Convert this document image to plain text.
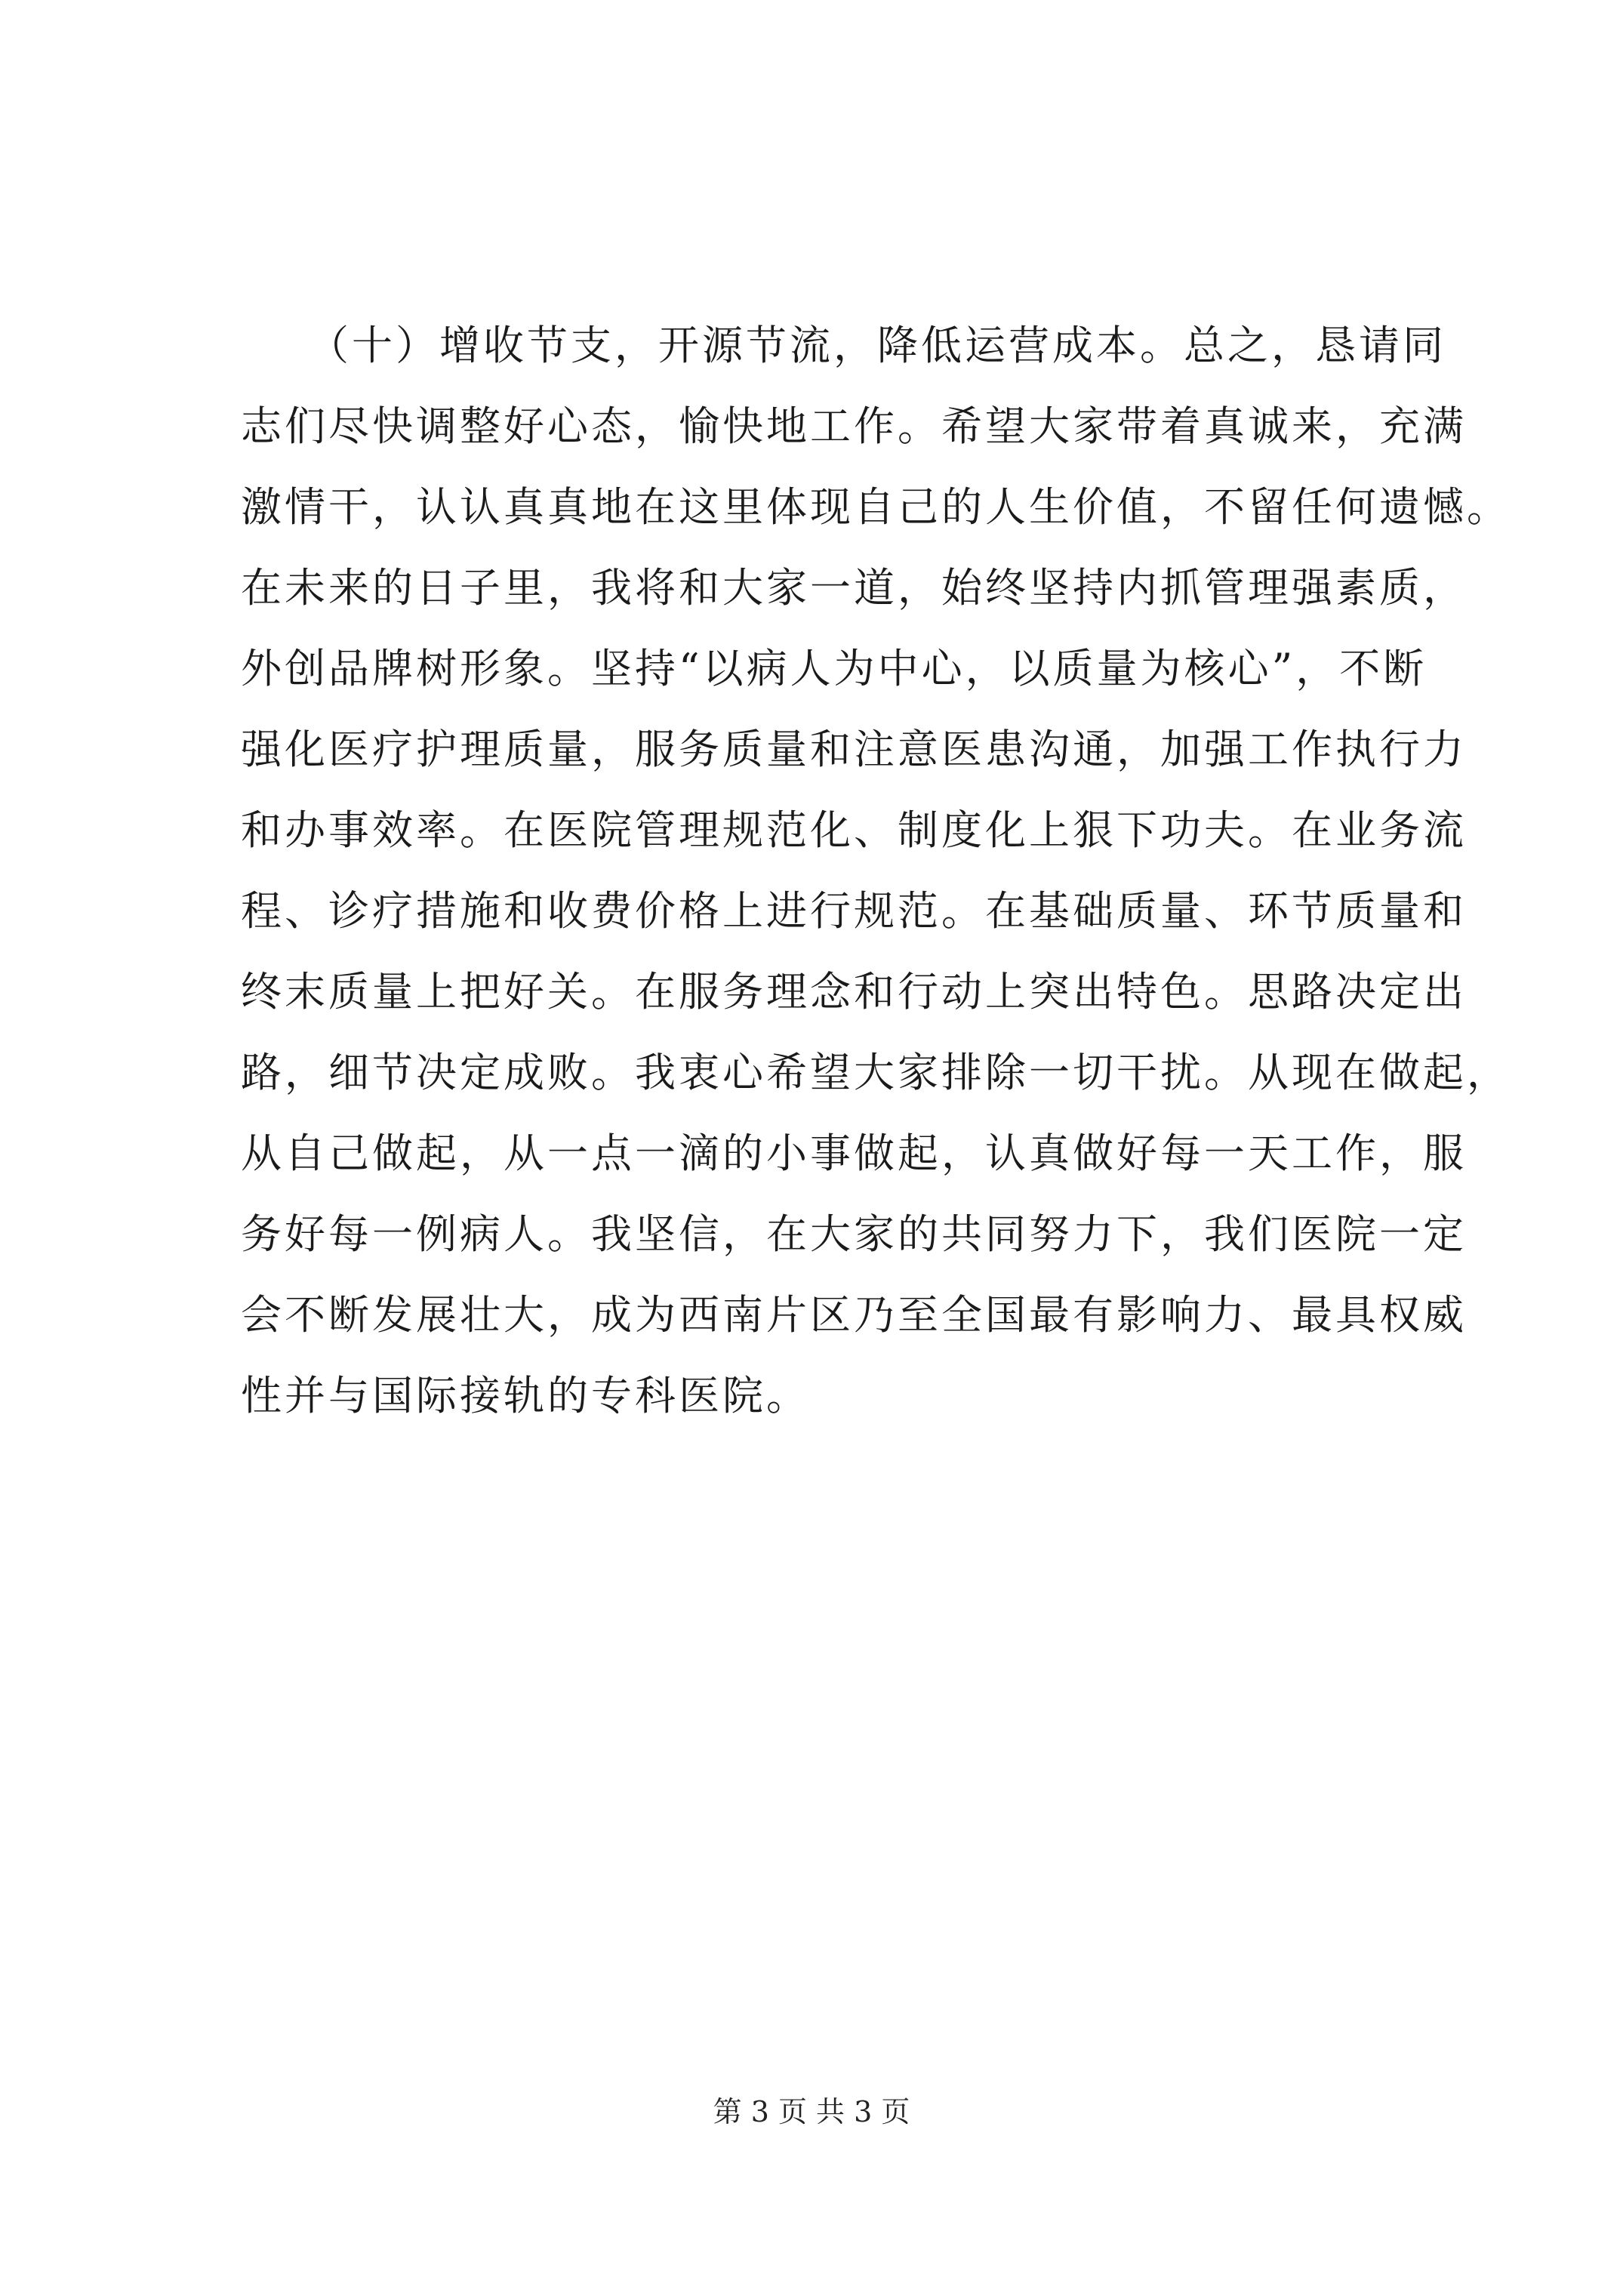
　　（十）增收节支，开源节流，降低运营成本。总之，恳请同
志们尽快调整好心态，愉快地工作。希望大家带着真诚来，充满
激情干，认认真真地在这里体现自己的人生价值，不留任何遗憾。
在未来的日子里，我将和大家一道，始终坚持内抓管理强素质，
外创品牌树形象。坚持“以病人为中心，以质量为核心”，不断
强化医疗护理质量，服务质量和注意医患沟通，加强工作执行力
和办事效率。在医院管理规范化、制度化上狠下功夫。在业务流
程、诊疗措施和收费价格上进行规范。在基础质量、环节质量和
终末质量上把好关。在服务理念和行动上突出特色。思路决定出
路，细节决定成败。我衷心希望大家排除一切干扰。从现在做起，
从自己做起，从一点一滴的小事做起，认真做好每一天工作，服
务好每一例病人。我坚信，在大家的共同努力下，我们医院一定
会不断发展壮大，成为西南片区乃至全国最有影响力、最具权威
性并与国际接轨的专科医院。
第 3 页 共 3 页
